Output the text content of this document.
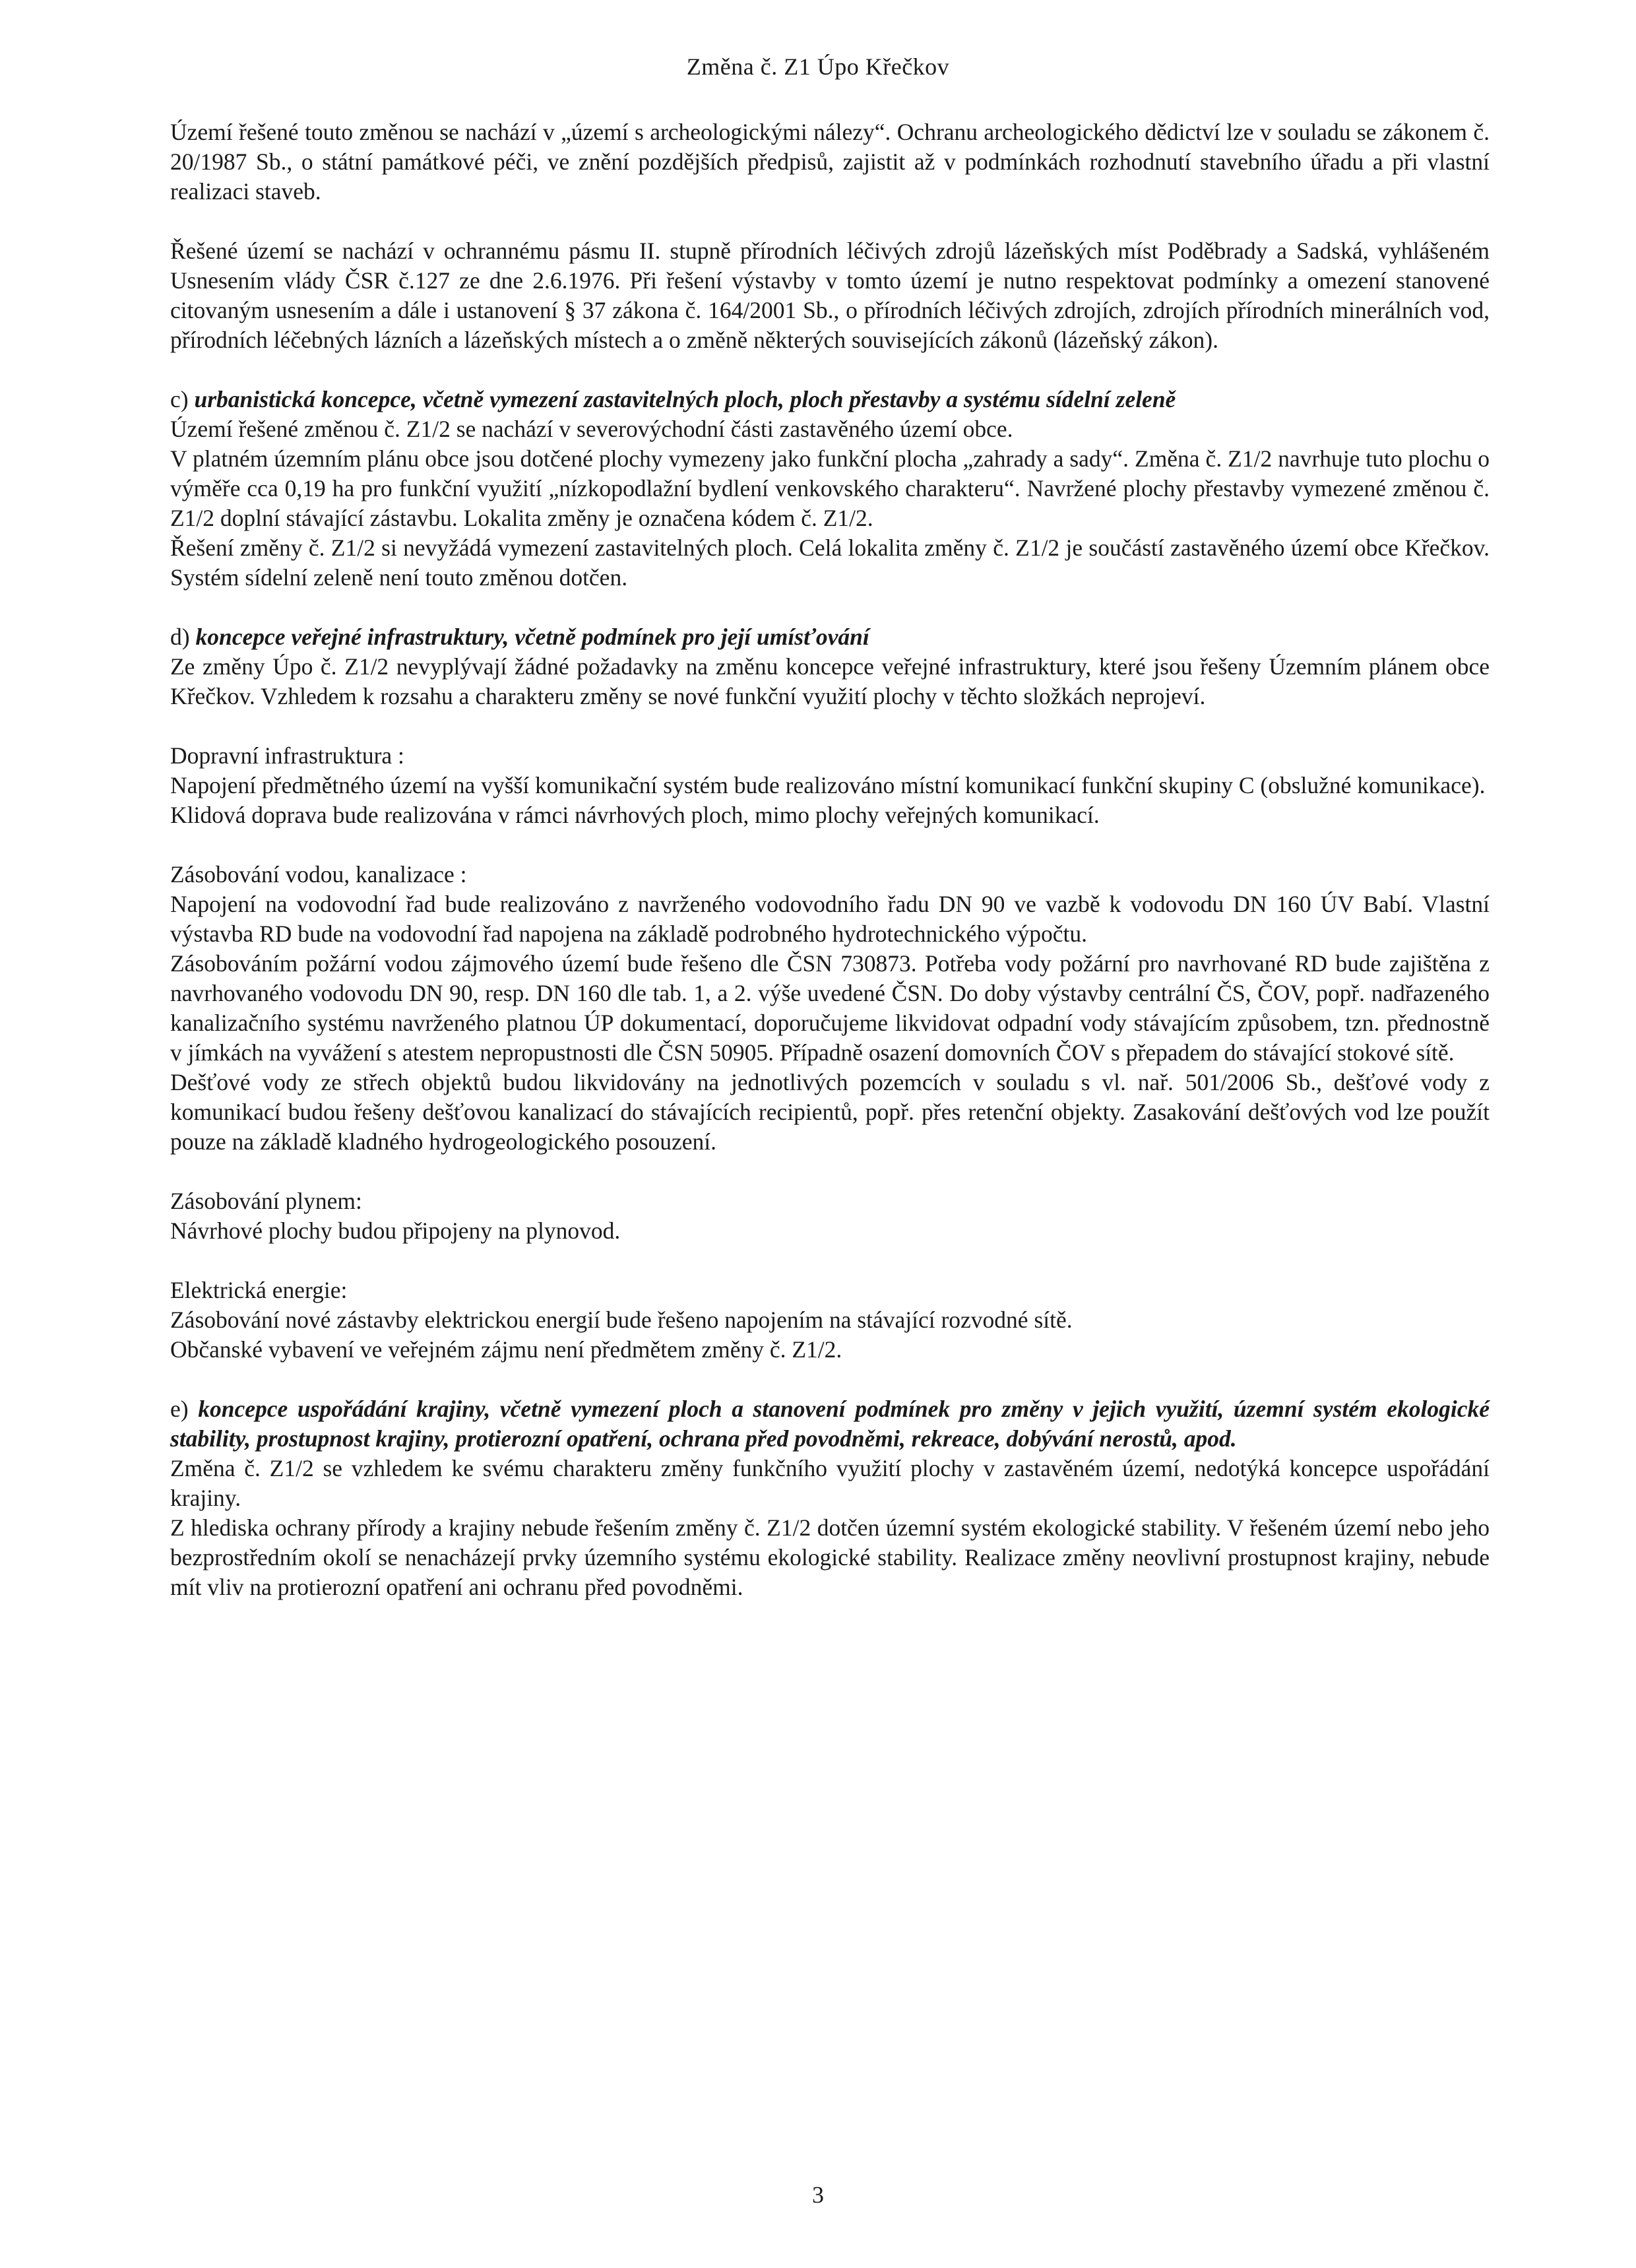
Změna č. Z1 Úpo Křečkov

Území řešené touto změnou se nachází v „území s archeologickými nálezy“. Ochranu archeologického dědictví lze v souladu se zákonem č. 20/1987 Sb., o státní památkové péči, ve znění pozdějších předpisů, zajistit až v podmínkách rozhodnutí stavebního úřadu a při vlastní realizaci staveb.

Řešené území se nachází v ochrannému pásmu II. stupně přírodních léčivých zdrojů lázeňských míst Poděbrady a Sadská, vyhlášeném Usnesením vlády ČSR č.127 ze dne 2.6.1976. Při řešení výstavby v tomto území je nutno respektovat podmínky a omezení stanovené citovaným usnesením a dále i ustanovení § 37 zákona č. 164/2001 Sb., o přírodních léčivých zdrojích, zdrojích přírodních minerálních vod, přírodních léčebných lázních a lázeňských místech a o změně některých souvisejících zákonů (lázeňský zákon).

c) urbanistická koncepce, včetně vymezení zastavitelných ploch, ploch přestavby a systému sídelní zeleně

Území řešené změnou č. Z1/2 se nachází v severovýchodní části zastavěného území obce.

V platném územním plánu obce jsou dotčené plochy vymezeny jako funkční plocha „zahrady a sady“. Změna č. Z1/2 navrhuje tuto plochu o výměře cca 0,19 ha pro funkční využití „nízkopodlažní bydlení venkovského charakteru“. Navržené plochy přestavby vymezené změnou č. Z1/2 doplní stávající zástavbu. Lokalita změny je označena kódem č. Z1/2.

Řešení změny č. Z1/2 si nevyžádá vymezení zastavitelných ploch. Celá lokalita změny č. Z1/2 je součástí zastavěného území obce Křečkov. Systém sídelní zeleně není touto změnou dotčen.

d) koncepce veřejné infrastruktury, včetně podmínek pro její umísťování

Ze změny Úpo č. Z1/2 nevyplývají žádné požadavky na změnu koncepce veřejné infrastruktury, které jsou řešeny Územním plánem obce Křečkov. Vzhledem k rozsahu a charakteru změny se nové funkční využití plochy v těchto složkách neprojeví.

Dopravní infrastruktura :

Napojení předmětného území na vyšší komunikační systém bude realizováno místní komunikací funkční skupiny C (obslužné komunikace).

Klidová doprava bude realizována v rámci návrhových ploch, mimo plochy veřejných komunikací.

Zásobování vodou, kanalizace :

Napojení na vodovodní řad bude realizováno z navrženého vodovodního řadu DN 90 ve vazbě k vodovodu DN 160 ÚV Babí. Vlastní výstavba RD bude na vodovodní řad napojena na základě podrobného hydrotechnického výpočtu.

Zásobováním požární vodou zájmového území bude řešeno dle ČSN 730873. Potřeba vody požární pro navrhované RD bude zajištěna z navrhovaného vodovodu DN 90, resp. DN 160 dle tab. 1, a 2. výše uvedené ČSN. Do doby výstavby centrální ČS, ČOV, popř. nadřazeného kanalizačního systému navrženého platnou ÚP dokumentací, doporučujeme likvidovat odpadní vody stávajícím způsobem, tzn. přednostně v jímkách na vyvážení s atestem nepropustnosti dle ČSN 50905. Případně osazení domovních ČOV s přepadem do stávající stokové sítě.

Dešťové vody ze střech objektů budou likvidovány na jednotlivých pozemcích v souladu s vl. nař. 501/2006 Sb., dešťové vody z komunikací budou řešeny dešťovou kanalizací do stávajících recipientů, popř. přes retenční objekty. Zasakování dešťových vod lze použít pouze na základě kladného hydrogeologického posouzení.

Zásobování plynem:

Návrhové plochy budou připojeny na plynovod.

Elektrická energie:

Zásobování nové zástavby elektrickou energií bude řešeno napojením na stávající rozvodné sítě.

Občanské vybavení ve veřejném zájmu není předmětem změny č. Z1/2.

e) koncepce uspořádání krajiny, včetně vymezení ploch a stanovení podmínek pro změny v jejich využití, územní systém ekologické stability, prostupnost krajiny, protierozní opatření, ochrana před povodněmi, rekreace, dobývání nerostů, apod.

Změna č. Z1/2 se vzhledem ke svému charakteru změny funkčního využití plochy v zastavěném území, nedotýká koncepce uspořádání krajiny.

Z hlediska ochrany přírody a krajiny nebude řešením změny č. Z1/2 dotčen územní systém ekologické stability. V řešeném území nebo jeho bezprostředním okolí se nenacházejí prvky územního systému ekologické stability. Realizace změny neovlivní prostupnost krajiny, nebude mít vliv na protierozní opatření ani ochranu před povodněmi.

3
